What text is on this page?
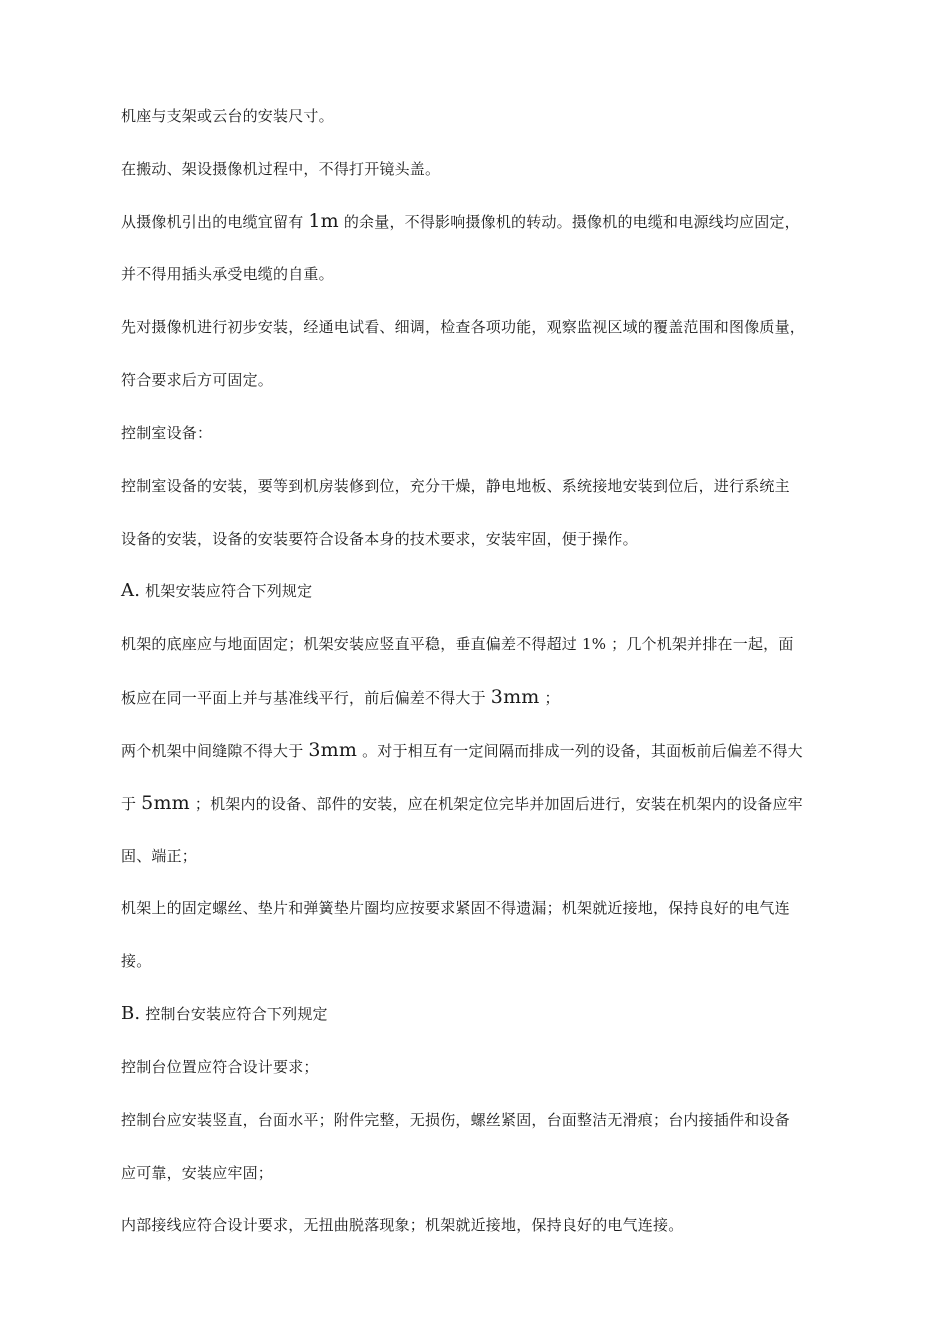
机座与支架或云台的安装尺寸。
在搬动、架设摄像机过程中，不得打开镜头盖。
从摄像机引出的电缆宜留有 1m 的余量，不得影响摄像机的转动。摄像机的电缆和电源线均应固定，
并不得用插头承受电缆的自重。
先对摄像机进行初步安装，经通电试看、细调，检查各项功能，观察监视区域的覆盖范围和图像质量，
符合要求后方可固定。
控制室设备：
控制室设备的安装，要等到机房装修到位，充分干燥，静电地板、系统接地安装到位后，进行系统主
设备的安装，设备的安装要符合设备本身的技术要求，安装牢固，便于操作。
A. 机架安装应符合下列规定
机架的底座应与地面固定；机架安装应竖直平稳，垂直偏差不得超过 1% ；几个机架并排在一起，面
板应在同一平面上并与基准线平行，前后偏差不得大于 3mm ；
两个机架中间缝隙不得大于 3mm 。对于相互有一定间隔而排成一列的设备，其面板前后偏差不得大
于 5mm ；机架内的设备、部件的安装，应在机架定位完毕并加固后进行，安装在机架内的设备应牢
固、端正；
机架上的固定螺丝、垫片和弹簧垫片圈均应按要求紧固不得遗漏；机架就近接地，保持良好的电气连
接。
B. 控制台安装应符合下列规定
控制台位置应符合设计要求；
控制台应安装竖直，台面水平；附件完整，无损伤，螺丝紧固，台面整洁无滑痕；台内接插件和设备
应可靠，安装应牢固；
内部接线应符合设计要求，无扭曲脱落现象；机架就近接地，保持良好的电气连接。
